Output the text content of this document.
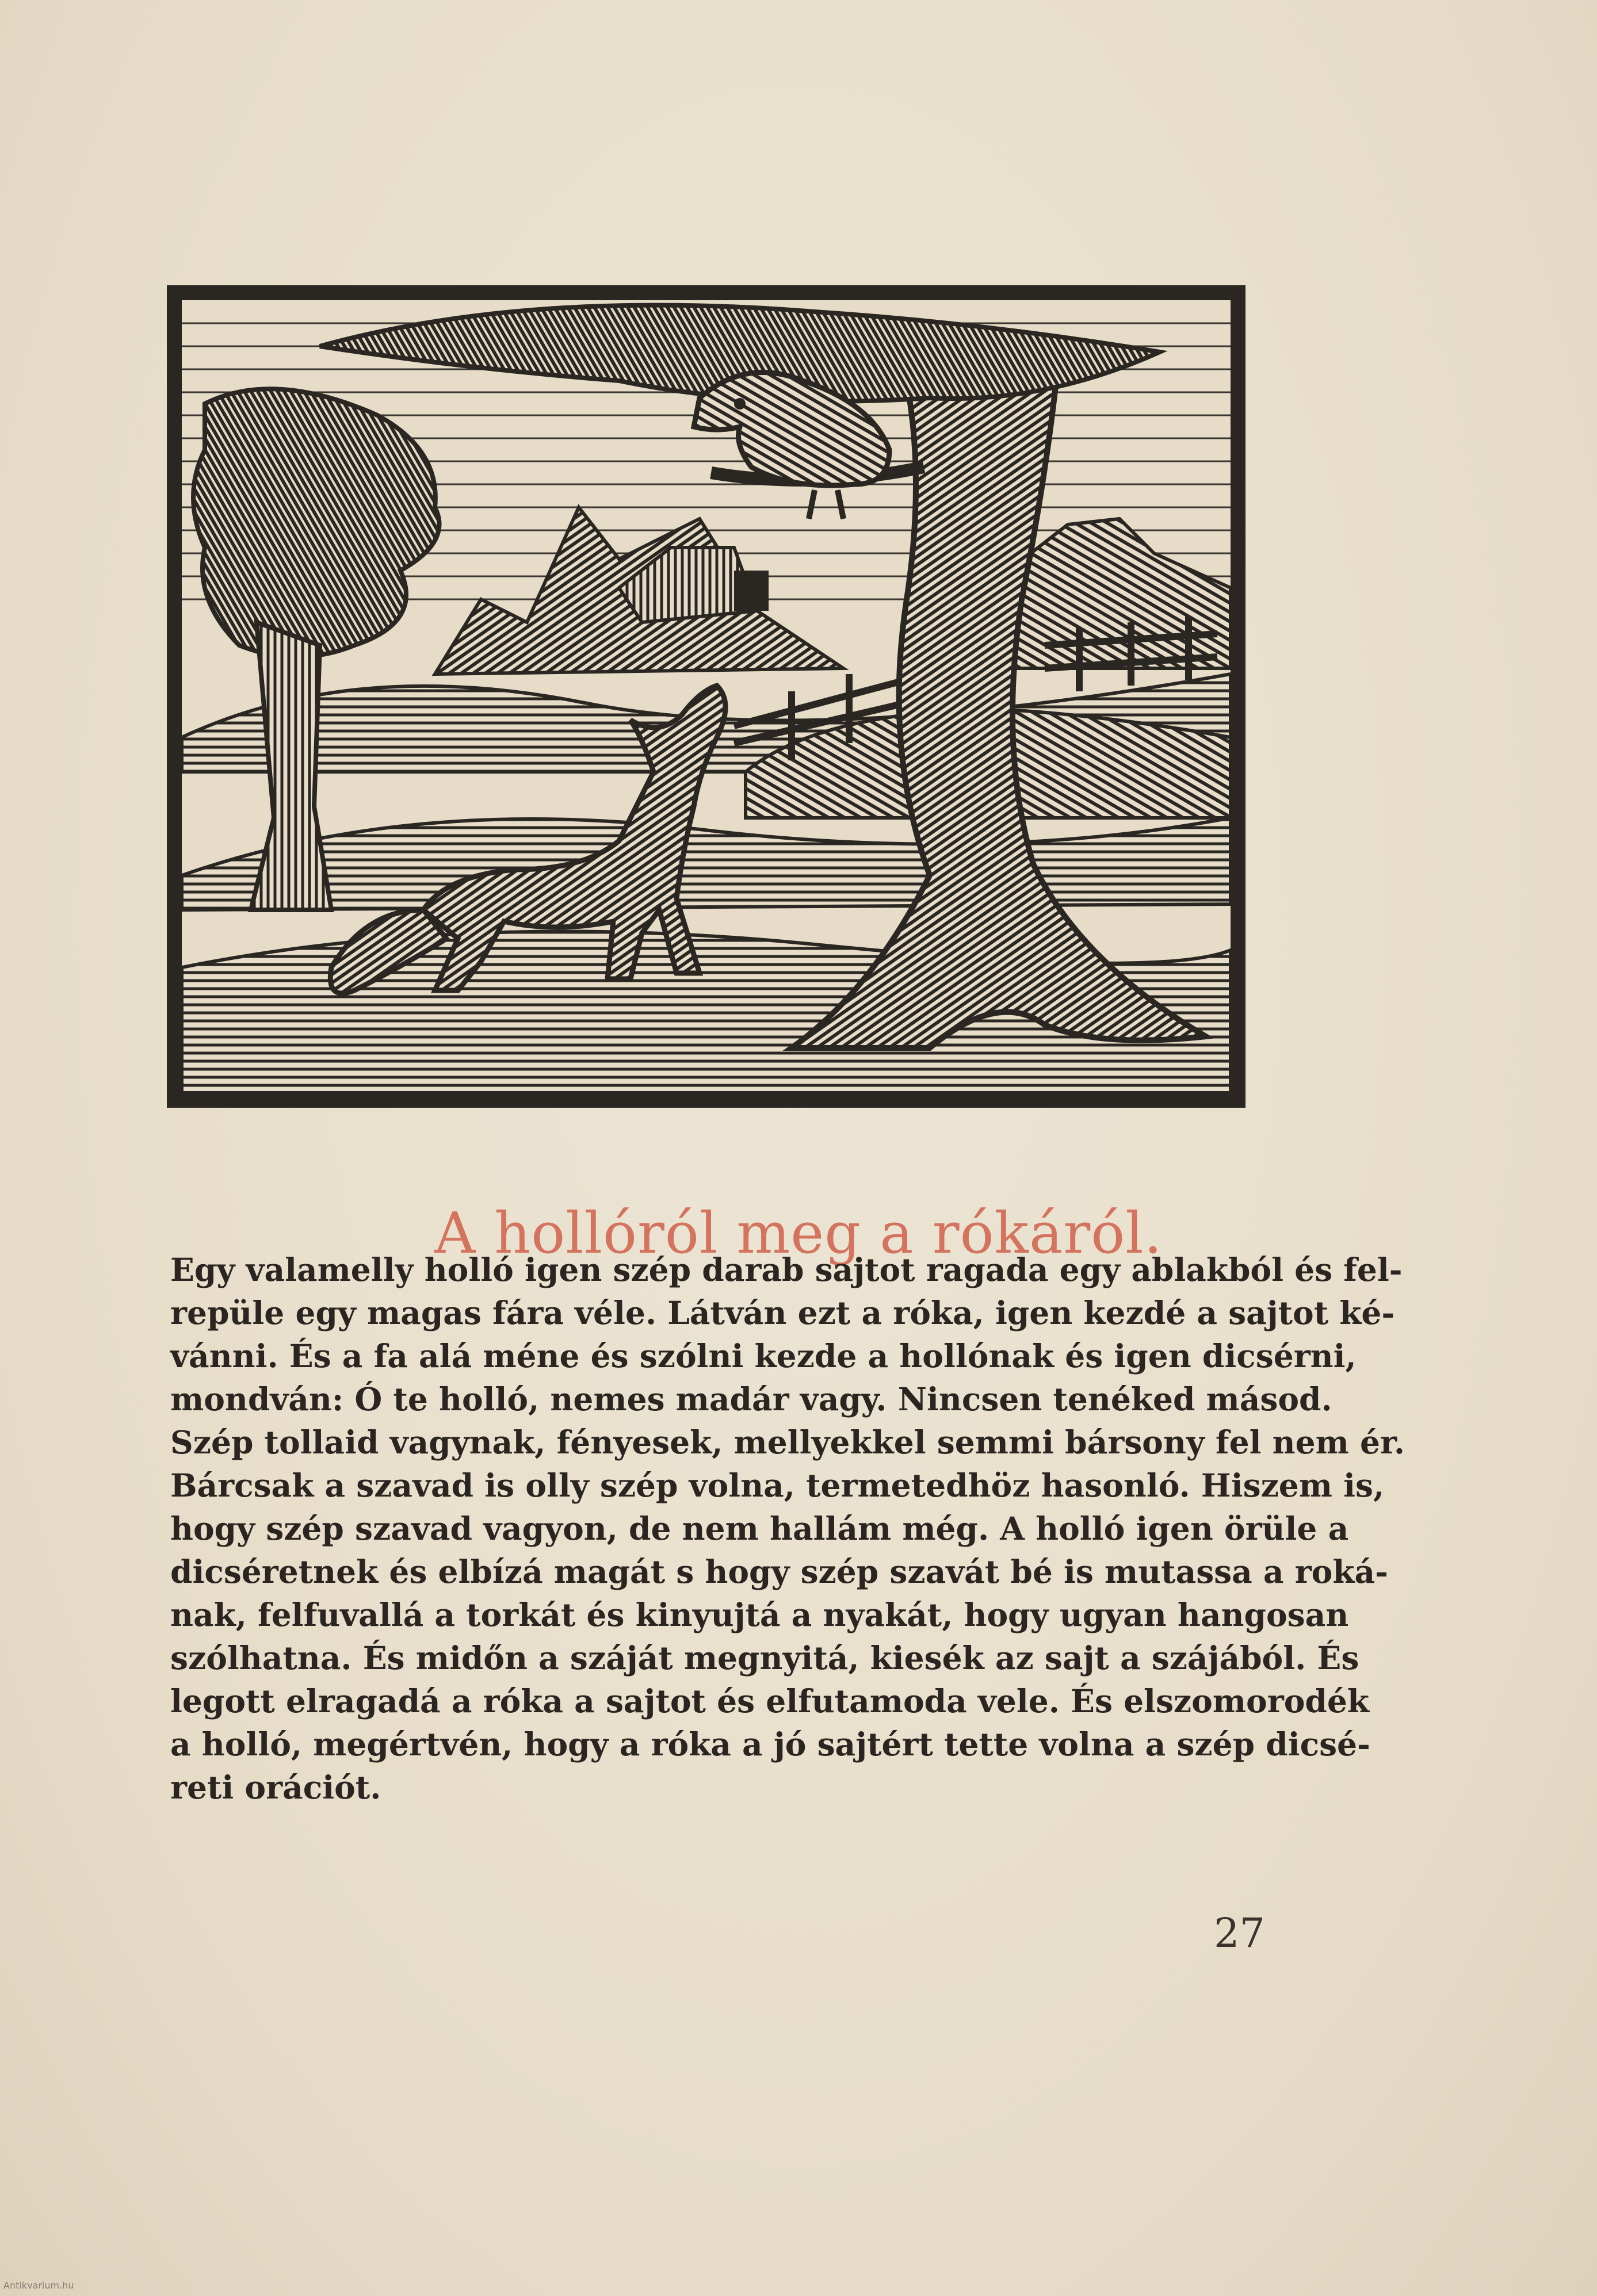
A hollóról meg a rókáról.
Egy valamelly holló igen szép darab sajtot ragada egy ablakból és fel-
repüle egy magas fára véle. Látván ezt a róka, igen kezdé a sajtot ké-
vánni. És a fa alá méne és szólni kezde a hollónak és igen dicsérni,
mondván: Ó te holló, nemes madár vagy. Nincsen tenéked másod.
Szép tollaid vagynak, fényesek, mellyekkel semmi bársony fel nem ér.
Bárcsak a szavad is olly szép volna, termetedhöz hasonló. Hiszem is,
hogy szép szavad vagyon, de nem hallám még. A holló igen örüle a
dicséretnek és elbízá magát s hogy szép szavát bé is mutassa a roká-
nak, felfuvallá a torkát és kinyujtá a nyakát, hogy ugyan hangosan
szólhatna. És midőn a száját megnyitá, kiesék az sajt a szájából. És
legott elragadá a róka a sajtot és elfutamoda vele. És elszomorodék
a holló, megértvén, hogy a róka a jó sajtért tette volna a szép dicsé-
reti orációt.
27
Antikvarium.hu
